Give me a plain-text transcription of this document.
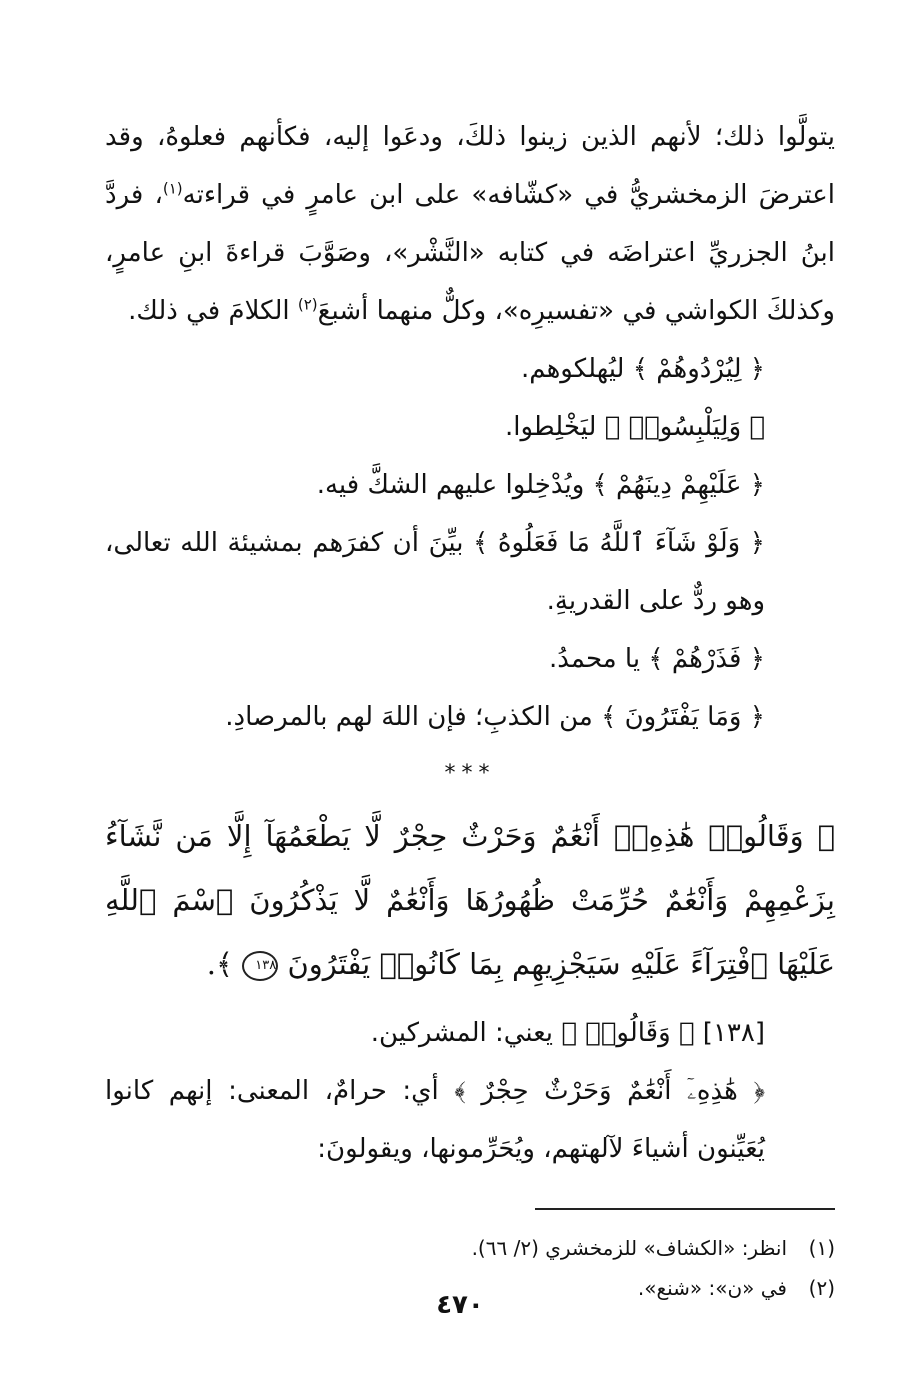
يتولَّوا ذلك؛ لأنهم الذين زينوا ذلكَ، ودعَوا إليه، فكأنهم فعلوهُ، وقد اعترضَ الزمخشريُّ في «كشّافه» على ابن عامرٍ في قراءته$^{(١)}$، فردَّ ابنُ الجزريِّ اعتراضَه في كتابه «النَّشْر»، وصَوَّبَ قراءةَ ابنِ عامرٍ، وكذلكَ الكواشي في «تفسيرِه»، وكلٌّ منهما أشبعَ$^{(٢)}$ الكلامَ في ذلك.

﴿ لِيُرْدُوهُمْ ﴾ ليُهلكوهم.

﴿ وَلِيَلْبِسُوا۟ ﴾ ليَخْلِطوا.

﴿ عَلَيْهِمْ دِينَهُمْ ﴾ ويُدْخِلوا عليهم الشكَّ فيه.

﴿ وَلَوْ شَآءَ ٱللَّهُ مَا فَعَلُوهُ ﴾ بيِّنَ أن كفرَهم بمشيئة الله تعالى، وهو ردٌّ على القدريةِ.

﴿ فَذَرْهُمْ ﴾ يا محمدُ.

﴿ وَمَا يَفْتَرُونَ ﴾ من الكذبِ؛ فإن اللهَ لهم بالمرصادِ.

***

﴿ وَقَالُوا۟ هَٰذِهِۦٓ أَنْعَٰمٌ وَحَرْثٌ حِجْرٌ لَّا يَطْعَمُهَآ إِلَّا مَن نَّشَآءُ بِزَعْمِهِمْ وَأَنْعَٰمٌ حُرِّمَتْ ظُهُورُهَا وَأَنْعَٰمٌ لَّا يَذْكُرُونَ ٱسْمَ ٱللَّهِ عَلَيْهَا ٱفْتِرَآءً عَلَيْهِ سَيَجْزِيهِم بِمَا كَانُوا۟ يَفْتَرُونَ ١٣٨ ﴾.

[١٣٨] ﴿ وَقَالُوا۟ ﴾ يعني: المشركين.

﴿ هَٰذِهِۦٓ أَنْعَٰمٌ وَحَرْثٌ حِجْرٌ ﴾ أي: حرامٌ، المعنى: إنهم كانوا يُعَيِّنون أشياءَ لآلهتهم، ويُحَرِّمونها، ويقولونَ:

(١)انظر: «الكشاف» للزمخشري (٢/ ٦٦).

(٢)في «ن»: «شنع».

٤٧٠
